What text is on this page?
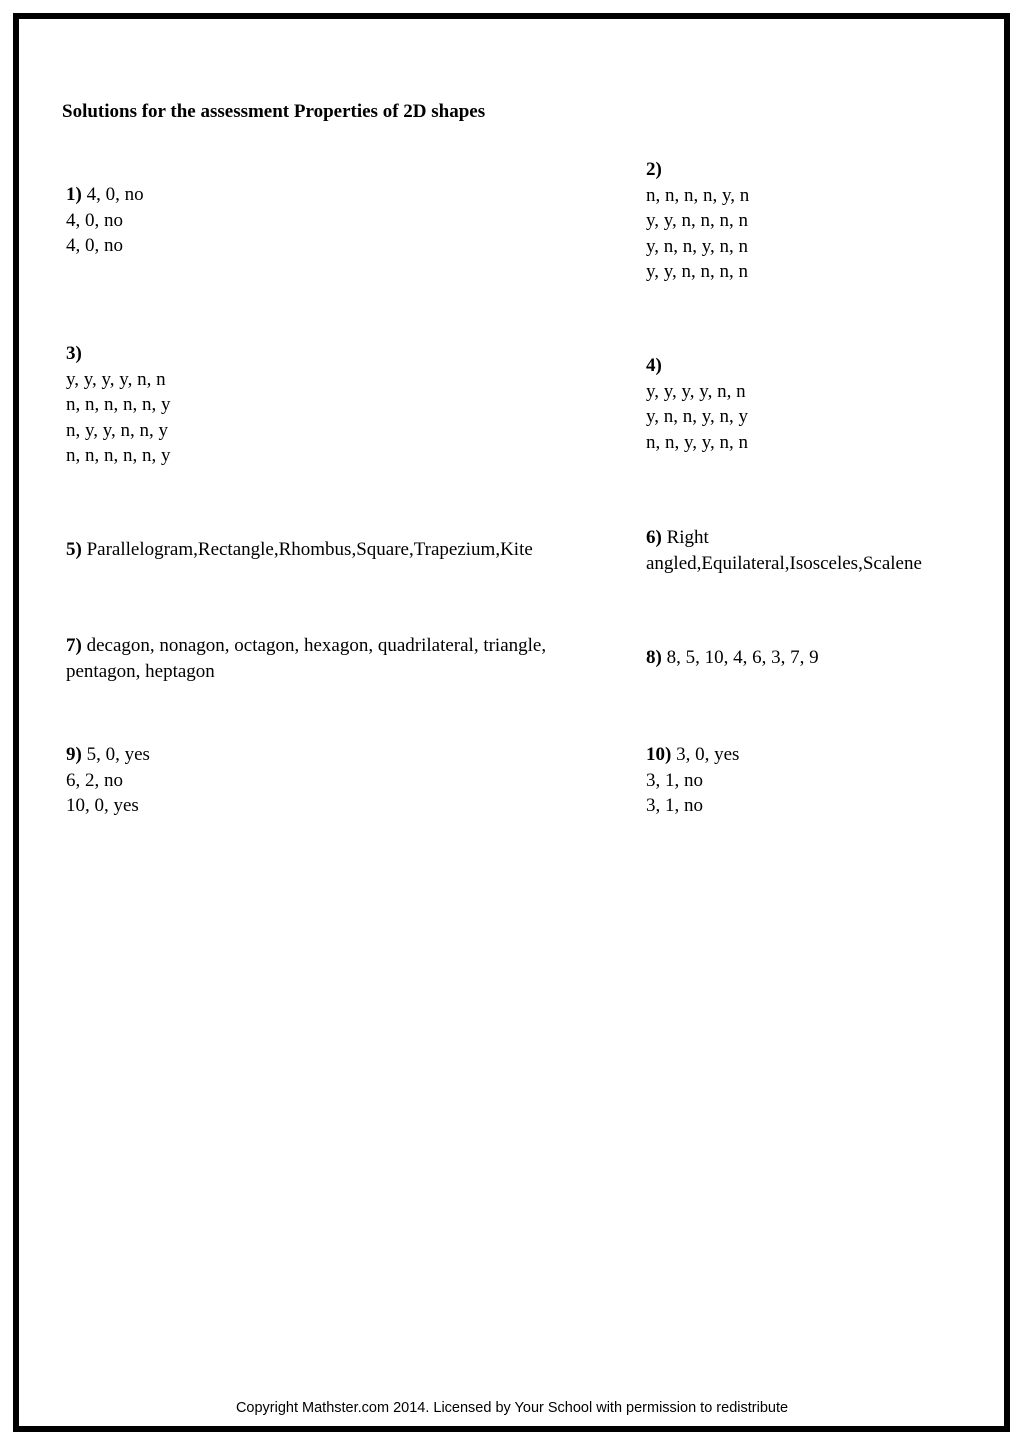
Solutions for the assessment Properties of 2D shapes
1) 4, 0, no
4, 0, no
4, 0, no
2)
n, n, n, n, y, n
y, y, n, n, n, n
y, n, n, y, n, n
y, y, n, n, n, n
3)
y, y, y, y, n, n
n, n, n, n, n, y
n, y, y, n, n, y
n, n, n, n, n, y
4)
y, y, y, y, n, n
y, n, n, y, n, y
n, n, y, y, n, n
5) Parallelogram,Rectangle,Rhombus,Square,Trapezium,Kite
6) Right angled,Equilateral,Isosceles,Scalene
7) decagon, nonagon, octagon, hexagon, quadrilateral, triangle, pentagon, heptagon
8) 8, 5, 10, 4, 6, 3, 7, 9
9) 5, 0, yes
6, 2, no
10, 0, yes
10) 3, 0, yes
3, 1, no
3, 1, no
Copyright Mathster.com 2014. Licensed by Your School with permission to redistribute
